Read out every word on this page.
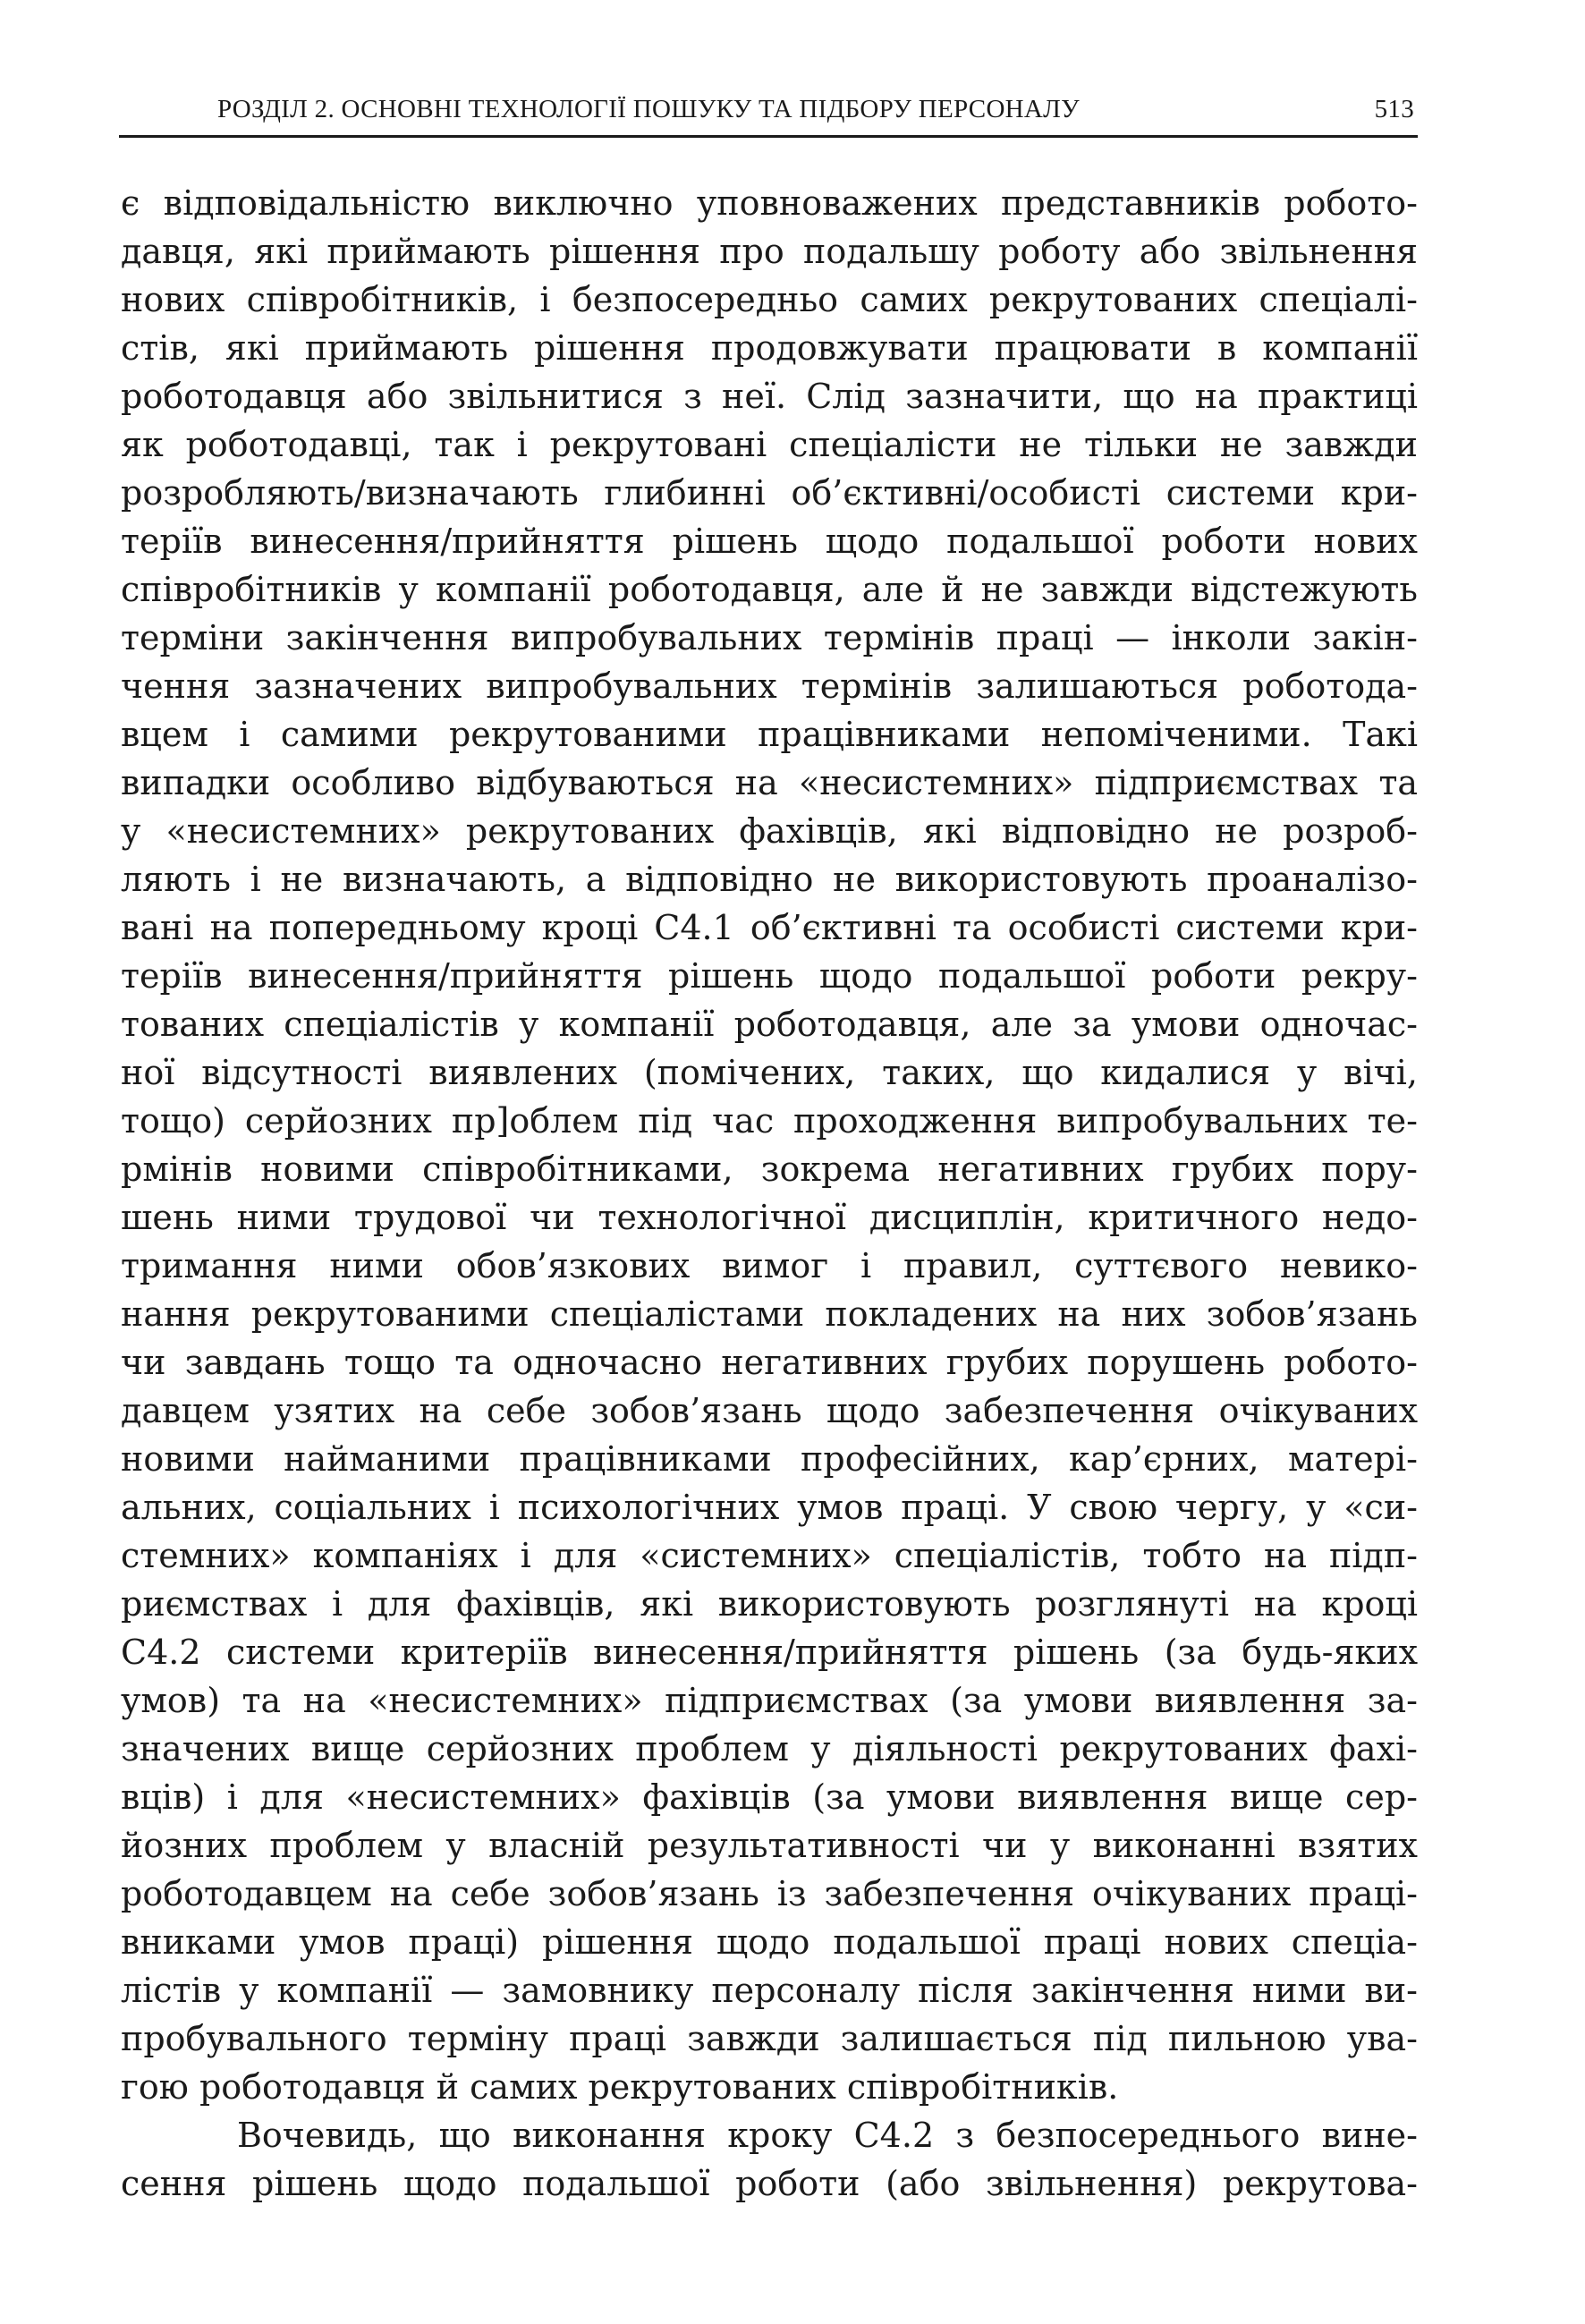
РОЗДІЛ 2. ОСНОВНІ ТЕХНОЛОГІЇ ПОШУКУ ТА ПІДБОРУ ПЕРСОНАЛУ	513
є відповідальністю виключно уповноважених представників робото-
давця, які приймають рішення про подальшу роботу або звільнення
нових співробітників, і безпосередньо самих рекрутованих спеціалі-
стів, які приймають рішення продовжувати працювати в компанії
роботодавця або звільнитися з неї. Слід зазначити, що на практиці
як роботодавці, так і рекрутовані спеціалісти не тільки не завжди
розробляють/визначають глибинні об’єктивні/особисті системи кри-
теріїв винесення/прийняття рішень щодо подальшої роботи нових
співробітників у компанії роботодавця, але й не завжди відстежують
терміни закінчення випробувальних термінів праці — інколи закін-
чення зазначених випробувальних термінів залишаються роботода-
вцем і самими рекрутованими працівниками непоміченими. Такі
випадки особливо відбуваються на «несистемних» підприємствах та
у «несистемних» рекрутованих фахівців, які відповідно не розроб-
ляють і не визначають, а відповідно не використовують проаналізо-
вані на попередньому кроці С4.1 об’єктивні та особисті системи кри-
теріїв винесення/прийняття рішень щодо подальшої роботи рекру-
тованих спеціалістів у компанії роботодавця, але за умови одночас-
ної відсутності виявлених (помічених, таких, що кидалися у вічі,
тощо) серйозних пр]облем під час проходження випробувальних те-
рмінів новими співробітниками, зокрема негативних грубих пору-
шень ними трудової чи технологічної дисциплін, критичного недо-
тримання ними обов’язкових вимог і правил, суттєвого невико-
нання рекрутованими спеціалістами покладених на них зобов’язань
чи завдань тощо та одночасно негативних грубих порушень робото-
давцем узятих на себе зобов’язань щодо забезпечення очікуваних
новими найманими працівниками професійних, кар’єрних, матері-
альних, соціальних і психологічних умов праці. У свою чергу, у «си-
стемних» компаніях і для «системних» спеціалістів, тобто на підп-
риємствах і для фахівців, які використовують розглянуті на кроці
С4.2 системи критеріїв винесення/прийняття рішень (за будь-яких
умов) та на «несистемних» підприємствах (за умови виявлення за-
значених вище серйозних проблем у діяльності рекрутованих фахі-
вців) і для «несистемних» фахівців (за умови виявлення вище сер-
йозних проблем у власній результативності чи у виконанні взятих
роботодавцем на себе зобов’язань із забезпечення очікуваних праці-
вниками умов праці) рішення щодо подальшої праці нових спеціа-
лістів у компанії — замовнику персоналу після закінчення ними ви-
пробувального терміну праці завжди залишається під пильною ува-
гою роботодавця й самих рекрутованих співробітників.
Вочевидь, що виконання кроку С4.2 з безпосереднього вине-
сення рішень щодо подальшої роботи (або звільнення) рекрутова-
